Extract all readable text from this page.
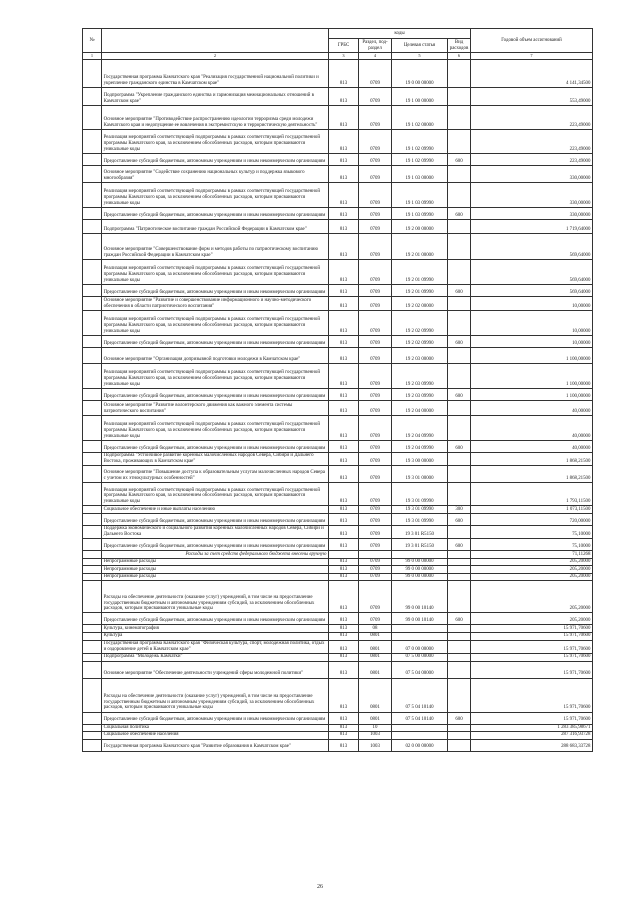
№		коды				Годовой объем ассигнований
		ГРБС	Раздел, под-раздел	Целевая статья	Вид расходов	
1	2	3	4	5	6	7
	Государственная программа Камчатского края "Реализация государственной национальной политики и укрепление гражданского единства в Камчатском крае"	813	0709	19 0 00 00000		4 141,34500
	Подпрограмма "Укрепление гражданского единства и гармонизация межнациональных отношений в Камчатском крае"	813	0709	19 1 00 00000		553,49000
	Основное мероприятие "Противодействие распространению идеологии терроризма среди молодежи Камчатского края и недопущение ее вовлечения в экстремистскую и террористическую деятельность"	813	0709	19 1 02 00000		223,49000
	Реализация мероприятий соответствующей подпрограммы в рамках соответствующей государственной программы Камчатского края, за исключением обособленных расходов, которым присваиваются уникальные коды	813	0709	19 1 02 09990		223,49000
	Предоставление субсидий бюджетным, автономным учреждениям и иным некоммерческим организациям	813	0709	19 1 02 09990	600	223,49000
	Основное мероприятие "Содействие сохранению национальных культур и поддержка языкового многообразия"	813	0709	19 1 03 00000		330,00000
	Реализация мероприятий соответствующей подпрограммы в рамках соответствующей государственной программы Камчатского края, за исключением обособленных расходов, которым присваиваются уникальные коды	813	0709	19 1 03 09990		330,00000
	Предоставление субсидий бюджетным, автономным учреждениям и иным некоммерческим организациям	813	0709	19 1 03 09990	600	330,00000
	Подпрограмма "Патриотическое воспитание граждан Российской Федерации в Камчатском крае"	813	0709	19 2 00 00000		1 719,64000
	Основное мероприятие "Совершенствование форм и методов работы по патриотическому воспитанию граждан Российской Федерации в Камчатском крае"	813	0709	19 2 01 00000		569,64000
	Реализация мероприятий соответствующей подпрограммы в рамках соответствующей государственной программы Камчатского края, за исключением обособленных расходов, которым присваиваются уникальные коды	813	0709	19 2 01 09990		569,64000
	Предоставление субсидий бюджетным, автономным учреждениям и иным некоммерческим организациям	813	0709	19 2 01 09990	600	569,64000
	Основное мероприятие "Развитие и совершенствование информационного и научно-методического обеспечения в области патриотического воспитания"	813	0709	19 2 02 00000		10,00000
	Реализация мероприятий соответствующей подпрограммы в рамках соответствующей государственной программы Камчатского края, за исключением обособленных расходов, которым присваиваются уникальные коды	813	0709	19 2 02 09990		10,00000
	Предоставление субсидий бюджетным, автономным учреждениям и иным некоммерческим организациям	813	0709	19 2 02 09990	600	10,00000
	Основное мероприятие "Организация допризывной подготовки молодежи в Камчатском крае"	813	0709	19 2 03 00000		1 100,00000
	Реализация мероприятий соответствующей подпрограммы в рамках соответствующей государственной программы Камчатского края, за исключением обособленных расходов, которым присваиваются уникальные коды	813	0709	19 2 03 09990		1 100,00000
	Предоставление субсидий бюджетным, автономным учреждениям и иным некоммерческим организациям	813	0709	19 2 03 09990	600	1 100,00000
	Основное мероприятие "Развитие волонтерского движения как важного элемента системы патриотического воспитания"	813	0709	19 2 04 00000		40,00000
	Реализация мероприятий соответствующей подпрограммы в рамках соответствующей государственной программы Камчатского края, за исключением обособленных расходов, которым присваиваются уникальные коды	813	0709	19 2 04 09990		40,00000
	Предоставление субсидий бюджетным, автономным учреждениям и иным некоммерческим организациям	813	0709	19 2 04 09990	600	40,00000
	Подпрограмма "Устойчивое развитие коренных малочисленных народов Севера, Сибири и Дальнего Востока, проживающих в Камчатском крае"	813	0709	19 3 00 00000		1 868,21500
	Основное мероприятие "Повышение доступа к образовательным услугам малочисленных народов Севера с учетом их этнокультурных особенностей"	813	0709	19 3 01 00000		1 868,21500
	Реализация мероприятий соответствующей подпрограммы в рамках соответствующей государственной программы Камчатского края, за исключением обособленных расходов, которым присваиваются уникальные коды	813	0709	19 3 01 09990		1 793,11500
	Социальное обеспечение и иные выплаты населению	813	0709	19 3 01 09990	300	1 073,11500
	Предоставление субсидий бюджетным, автономным учреждениям и иным некоммерческим организациям	813	0709	19 3 01 09990	600	720,00000
	Поддержка экономического и социального развития коренных малочисленных народов Севера, Сибири и Дальнего Востока	813	0709	19 3 01 R5150		75,10000
	Предоставление субсидий бюджетным, автономным учреждениям и иным некоммерческим организациям	813	0709	19 3 01 R5150	600	75,10000
	Расходы за счет средств федерального бюджета внесены вручную					71,11268
	Непрограммные расходы	813	0709	99 0 00 00000		205,20000
	Непрограммные расходы	813	0709	99 0 00 00000		205,20000
	Непрограммные расходы	813	0709	99 0 00 00000		205,20000
	Расходы на обеспечение деятельности (оказание услуг) учреждений, в том числе на предоставление государственным бюджетным и автономным учреждениям субсидий, за исключением обособленных расходов, которым присваиваются уникальные коды	813	0709	99 0 00 10140		205,20000
	Предоставление субсидий бюджетным, автономным учреждениям и иным некоммерческим организациям	813	0709	99 0 00 10140	600	205,20000
	Культура, кинематография	813	08			15 971,70600
	Культура	813	0801			15 971,70600
	Государственная программа Камчатского края "Физическая культура, спорт, молодежная политика, отдых и оздоровление детей в Камчатском крае"	813	0801	07 0 00 00000		15 971,70600
	Подпрограмма "Молодежь Камчатки"	813	0801	07 5 00 00000		15 971,70600
	Основное мероприятие "Обеспечение деятельности учреждений сферы молодежной политики"	813	0801	07 5 04 00000		15 971,70600
	Расходы на обеспечение деятельности (оказание услуг) учреждений, в том числе на предоставление государственным бюджетным и автономным учреждениям субсидий, за исключением обособленных расходов, которым присваиваются уникальные коды	813	0801	07 5 04 10140		15 971,70600
	Предоставление субсидий бюджетным, автономным учреждениям и иным некоммерческим организациям	813	0801	07 5 04 10140	600	15 971,70600
	Социальная политика	813	10			1 283 385,98671
	Социальное обеспечение населения	813	1003			287 316,93728
	Государственная программа Камчатского края "Развитие образования в Камчатском крае"	813	1003	02 0 00 00000		288 683,33728
26
